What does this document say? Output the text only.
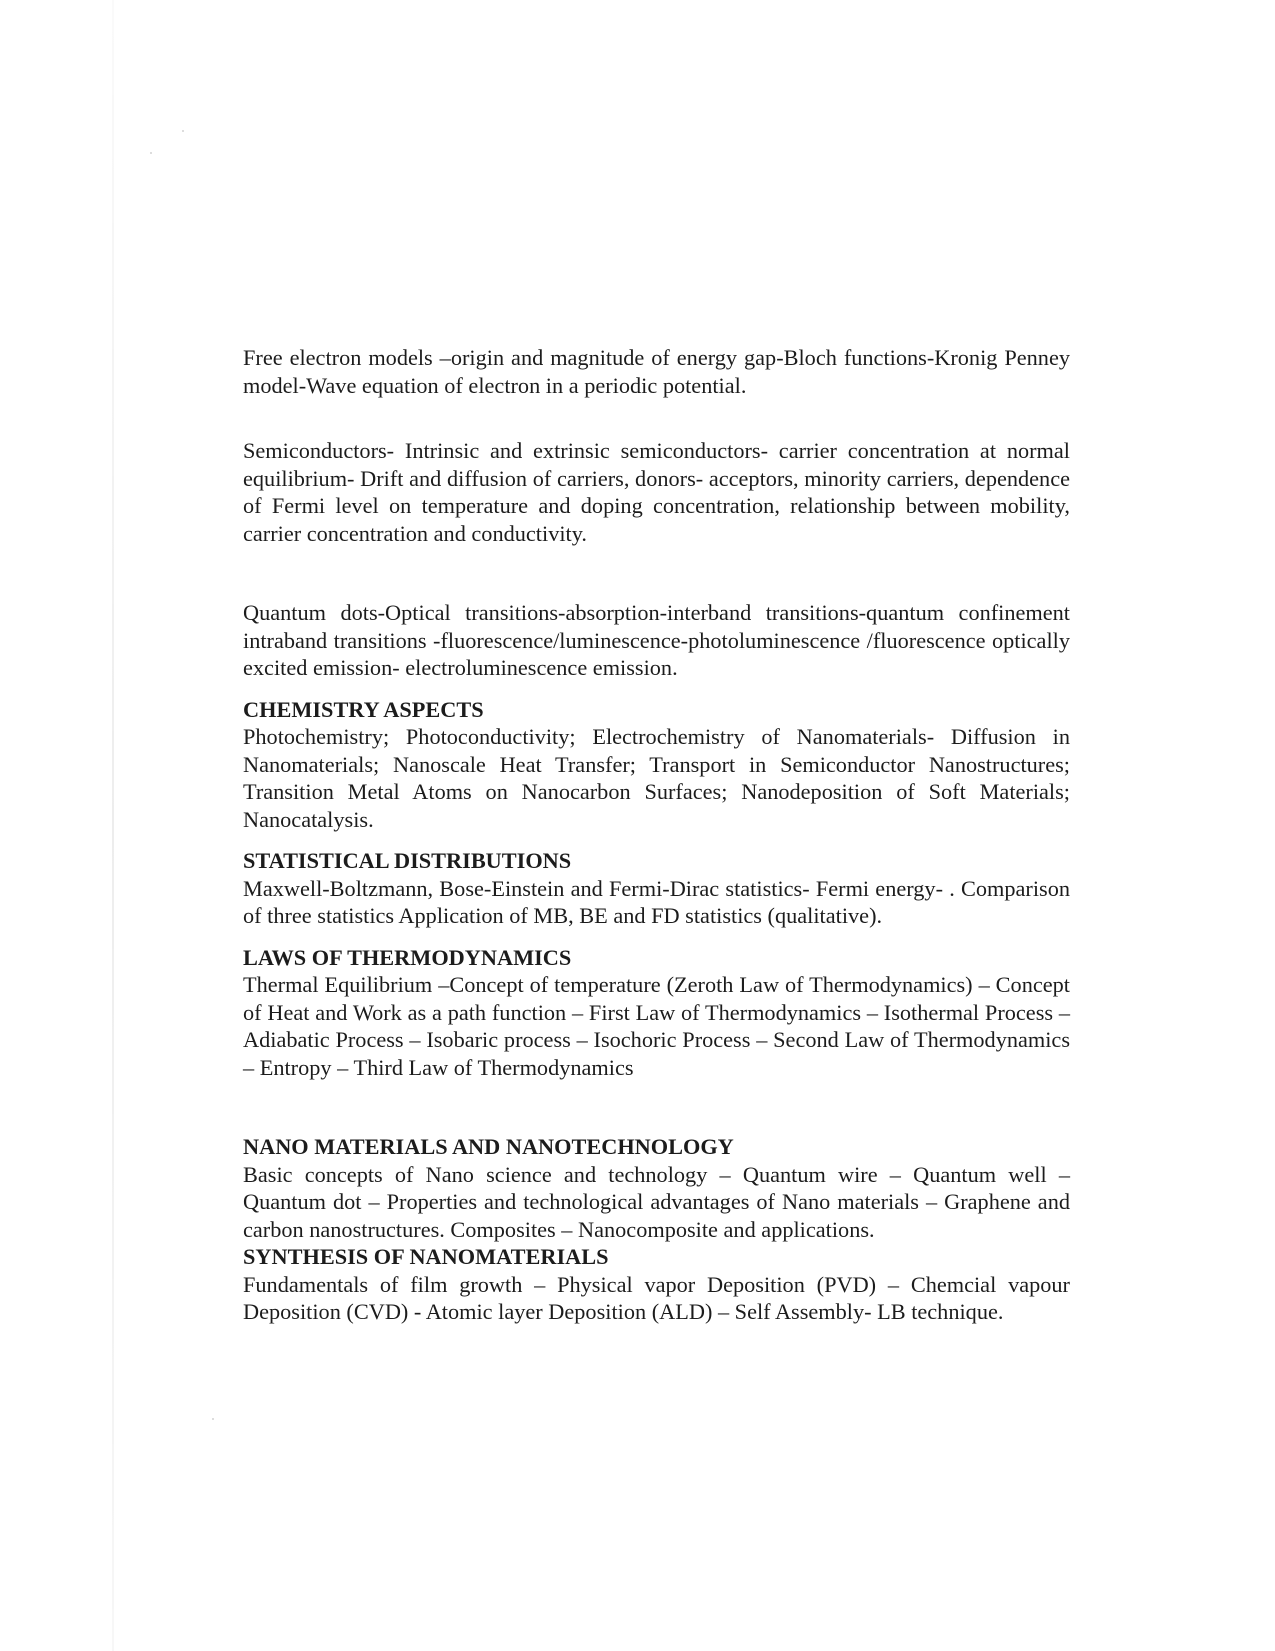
Free electron models –origin and magnitude of energy gap-Bloch functions-Kronig Penney model-Wave equation of electron in a periodic potential.

Semiconductors- Intrinsic and extrinsic semiconductors- carrier concentration at normal equilibrium- Drift and diffusion of carriers, donors- acceptors, minority carriers, dependence of Fermi level on temperature and doping concentration, relationship between mobility, carrier concentration and conductivity.

Quantum dots-Optical transitions-absorption-interband transitions-quantum confinement intraband transitions -fluorescence/luminescence-photoluminescence /fluorescence optically excited emission- electroluminescence emission.

CHEMISTRY ASPECTS

Photochemistry; Photoconductivity; Electrochemistry of Nanomaterials- Diffusion in Nanomaterials; Nanoscale Heat Transfer; Transport in Semiconductor Nanostructures; Transition Metal Atoms on Nanocarbon Surfaces; Nanodeposition of Soft Materials; Nanocatalysis.

STATISTICAL DISTRIBUTIONS

Maxwell-Boltzmann, Bose-Einstein and Fermi-Dirac statistics- Fermi energy- . Comparison of three statistics Application of MB, BE and FD statistics (qualitative).

LAWS OF THERMODYNAMICS

Thermal Equilibrium –Concept of temperature (Zeroth Law of Thermodynamics) – Concept of Heat and Work as a path function – First Law of Thermodynamics – Isothermal Process – Adiabatic Process – Isobaric process – Isochoric Process – Second Law of Thermodynamics – Entropy – Third Law of Thermodynamics

NANO MATERIALS AND NANOTECHNOLOGY

Basic concepts of Nano science and technology – Quantum wire – Quantum well – Quantum dot – Properties and technological advantages of Nano materials – Graphene and carbon nanostructures. Composites – Nanocomposite and applications.

SYNTHESIS OF NANOMATERIALS

Fundamentals of film growth – Physical vapor Deposition (PVD) – Chemcial vapour Deposition (CVD) - Atomic layer Deposition (ALD) – Self Assembly- LB technique.
